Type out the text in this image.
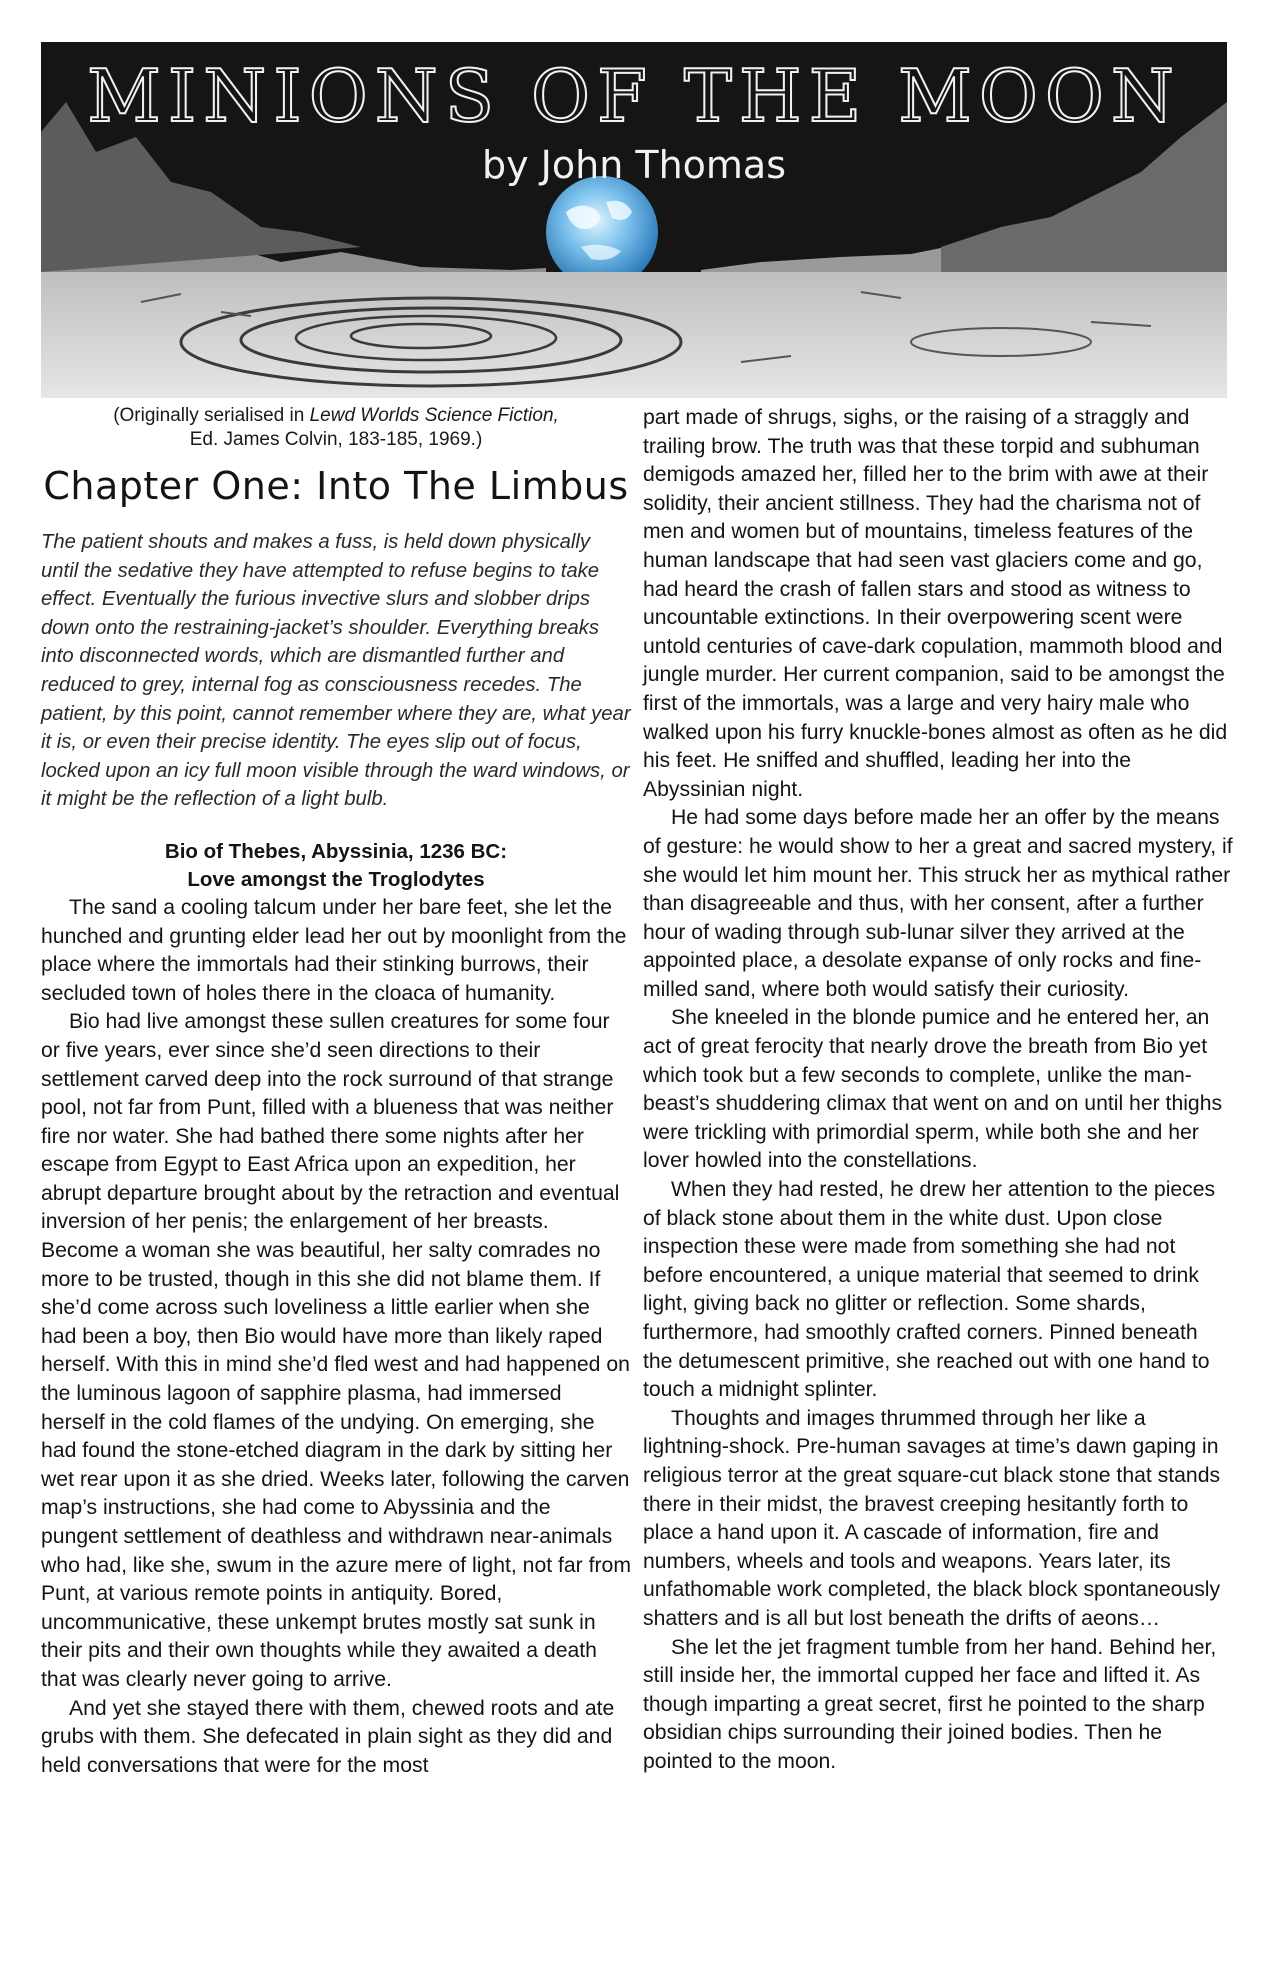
MINIONS OF THE MOON
by John Thomas
(Originally serialised in Lewd Worlds Science Fiction,
Ed. James Colvin, 183-185, 1969.)
Chapter One: Into The Limbus

The patient shouts and makes a fuss, is held down physically until the sedative they have attempted to refuse begins to take effect. Eventually the furious invective slurs and slobber drips down onto the restraining-jacket’s shoulder. Everything breaks into disconnected words, which are dismantled further and reduced to grey, internal fog as consciousness recedes. The patient, by this point, cannot remember where they are, what year it is, or even their precise identity. The eyes slip out of focus, locked upon an icy full moon visible through the ward windows, or it might be the reflection of a light bulb.

Bio of Thebes, Abyssinia, 1236 BC:

Love amongst the Troglodytes

The sand a cooling talcum under her bare feet, she let the hunched and grunting elder lead her out by moonlight from the place where the immortals had their stinking burrows, their secluded town of holes there in the cloaca of humanity.

Bio had live amongst these sullen creatures for some four or five years, ever since she’d seen directions to their settlement carved deep into the rock surround of that strange pool, not far from Punt, filled with a blueness that was neither fire nor water. She had bathed there some nights after her escape from Egypt to East Africa upon an expedition, her abrupt departure brought about by the retraction and eventual inversion of her penis; the enlargement of her breasts. Become a woman she was beautiful, her salty comrades no more to be trusted, though in this she did not blame them. If she’d come across such loveliness a little earlier when she had been a boy, then Bio would have more than likely raped herself. With this in mind she’d fled west and had happened on the luminous lagoon of sapphire plasma, had immersed herself in the cold flames of the undying. On emerging, she had found the stone-etched diagram in the dark by sitting her wet rear upon it as she dried. Weeks later, following the carven map’s instructions, she had come to Abyssinia and the pungent settlement of deathless and withdrawn near-animals who had, like she, swum in the azure mere of light, not far from Punt, at various remote points in antiquity. Bored, uncommunicative, these unkempt brutes mostly sat sunk in their pits and their own thoughts while they awaited a death that was clearly never going to arrive.

And yet she stayed there with them, chewed roots and ate grubs with them. She defecated in plain sight as they did and held conversations that were for the most

part made of shrugs, sighs, or the raising of a straggly and trailing brow. The truth was that these torpid and subhuman demigods amazed her, filled her to the brim with awe at their solidity, their ancient stillness. They had the charisma not of men and women but of mountains, timeless features of the human landscape that had seen vast glaciers come and go, had heard the crash of fallen stars and stood as witness to uncountable extinctions. In their overpowering scent were untold centuries of cave-dark copulation, mammoth blood and jungle murder. Her current companion, said to be amongst the first of the immortals, was a large and very hairy male who walked upon his furry knuckle-bones almost as often as he did his feet. He sniffed and shuffled, leading her into the Abyssinian night.

He had some days before made her an offer by the means of gesture: he would show to her a great and sacred mystery, if she would let him mount her. This struck her as mythical rather than disagreeable and thus, with her consent, after a further hour of wading through sub-lunar silver they arrived at the appointed place, a desolate expanse of only rocks and fine-milled sand, where both would satisfy their curiosity.

She kneeled in the blonde pumice and he entered her, an act of great ferocity that nearly drove the breath from Bio yet which took but a few seconds to complete, unlike the man-beast’s shuddering climax that went on and on until her thighs were trickling with primordial sperm, while both she and her lover howled into the constellations.

When they had rested, he drew her attention to the pieces of black stone about them in the white dust. Upon close inspection these were made from something she had not before encountered, a unique material that seemed to drink light, giving back no glitter or reflection. Some shards, furthermore, had smoothly crafted corners. Pinned beneath the detumescent primitive, she reached out with one hand to touch a midnight splinter.

Thoughts and images thrummed through her like a lightning-shock. Pre-human savages at time’s dawn gaping in religious terror at the great square-cut black stone that stands there in their midst, the bravest creeping hesitantly forth to place a hand upon it. A cascade of information, fire and numbers, wheels and tools and weapons. Years later, its unfathomable work completed, the black block spontaneously shatters and is all but lost beneath the drifts of aeons…

She let the jet fragment tumble from her hand. Behind her, still inside her, the immortal cupped her face and lifted it. As though imparting a great secret, first he pointed to the sharp obsidian chips surrounding their joined bodies. Then he pointed to the moon.
